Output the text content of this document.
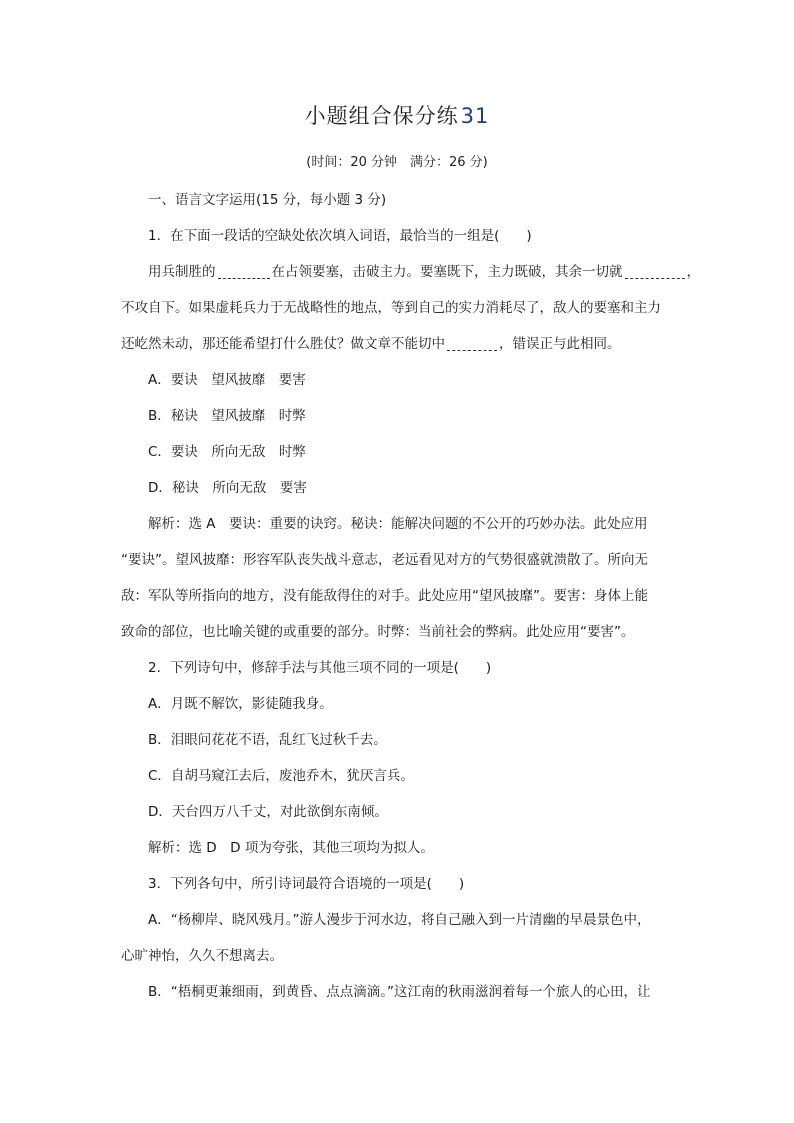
小题组合保分练31
(时间：20 分钟　满分：26 分)
一、语言文字运用(15 分，每小题 3 分)
1．在下面一段话的空缺处依次填入词语，最恰当的一组是(　　)
用兵制胜的	在占领要塞，击破主力。要塞既下，主力既破，其余一切就	，
不攻自下。如果虚耗兵力于无战略性的地点，等到自己的实力消耗尽了，敌人的要塞和主力
还屹然未动，那还能希望打什么胜仗？做文章不能切中	，错误正与此相同。
A．要诀　望风披靡　要害
B．秘诀　望风披靡　时弊
C．要诀　所向无敌　时弊
D．秘诀　所向无敌　要害
解析：选 A　要诀：重要的诀窍。秘诀：能解决问题的不公开的巧妙办法。此处应用
“要诀”。望风披靡：形容军队丧失战斗意志，老远看见对方的气势很盛就溃散了。所向无
敌：军队等所指向的地方，没有能敌得住的对手。此处应用“望风披靡”。要害：身体上能
致命的部位，也比喻关键的或重要的部分。时弊：当前社会的弊病。此处应用“要害”。
2．下列诗句中，修辞手法与其他三项不同的一项是(　　)
A．月既不解饮，影徒随我身。
B．泪眼问花花不语，乱红飞过秋千去。
C．自胡马窥江去后，废池乔木，犹厌言兵。
D．天台四万八千丈，对此欲倒东南倾。
解析：选 D　D 项为夸张，其他三项均为拟人。
3．下列各句中，所引诗词最符合语境的一项是(　　)
A．“杨柳岸、晓风残月。”游人漫步于河水边，将自己融入到一片清幽的早晨景色中，
心旷神怡，久久不想离去。
B．“梧桐更兼细雨，到黄昏、点点滴滴。”这江南的秋雨滋润着每一个旅人的心田，让
